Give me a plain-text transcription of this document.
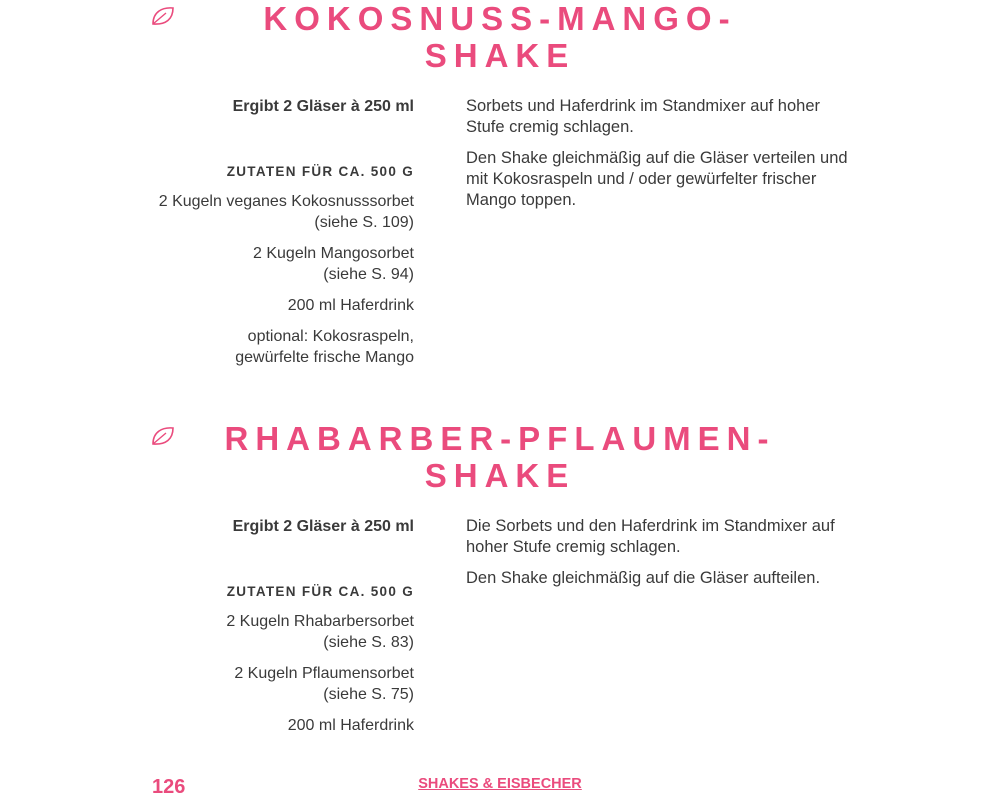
KOKOSNUSS-MANGO-
SHAKE

Ergibt 2 Gläser à 250 ml

ZUTATEN FÜR CA. 500 G

2 Kugeln veganes Kokosnusssorbet
(siehe S. 109)
2 Kugeln Mangosorbet
(siehe S. 94)
200 ml Haferdrink
optional: Kokosraspeln,
gewürfelte frische Mango

Sorbets und Haferdrink im Standmixer auf hoher Stufe cremig schlagen.

Den Shake gleichmäßig auf die Gläser verteilen und mit Kokosraspeln und / oder gewürfelter frischer Mango toppen.

RHABARBER-PFLAUMEN-
SHAKE

Ergibt 2 Gläser à 250 ml

ZUTATEN FÜR CA. 500 G

2 Kugeln Rhabarbersorbet
(siehe S. 83)
2 Kugeln Pflaumensorbet
(siehe S. 75)
200 ml Haferdrink

Die Sorbets und den Haferdrink im Standmixer auf hoher Stufe cremig schlagen.

Den Shake gleichmäßig auf die Gläser aufteilen.

126	SHAKES & EISBECHER
